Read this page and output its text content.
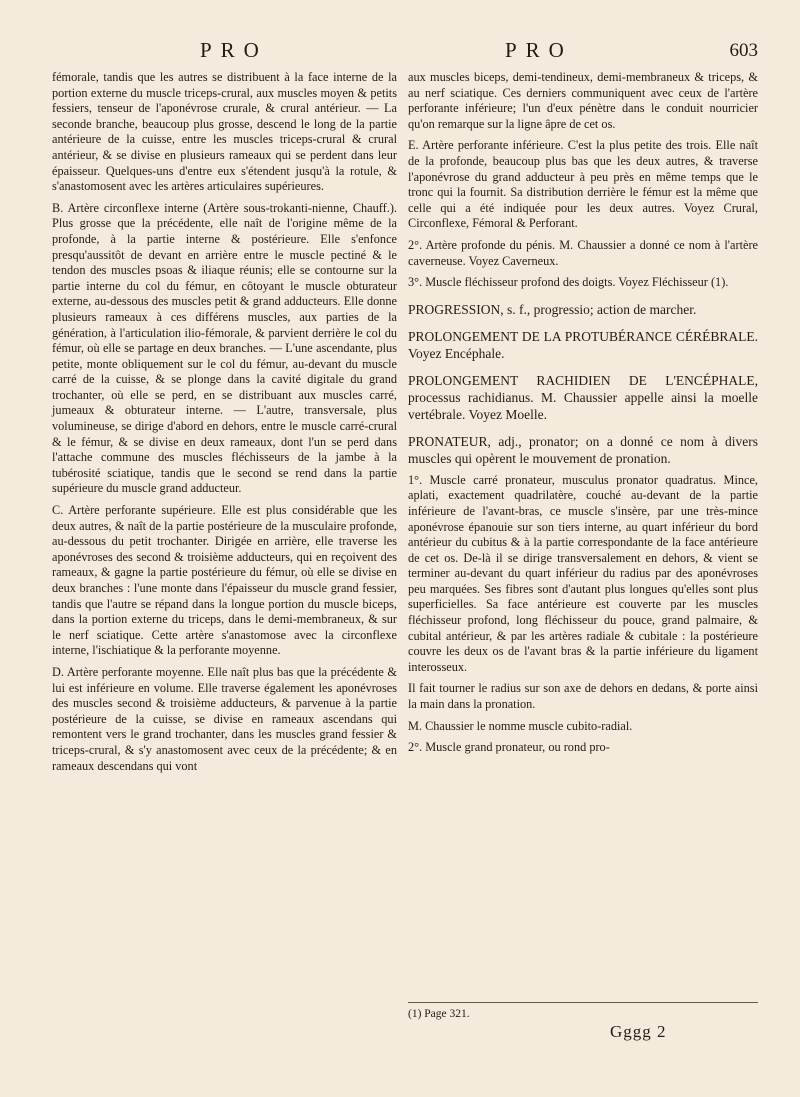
PRO	PRO	603

fémorale, tandis que les autres se distribuent à la face interne de la portion externe du muscle triceps-crural, aux muscles moyen & petits fessiers, tenseur de l'aponévrose crurale, & crural antérieur. — La seconde branche, beaucoup plus grosse, descend le long de la partie antérieure de la cuisse, entre les muscles triceps-crural & crural antérieur, & se divise en plusieurs rameaux qui se perdent dans leur épaisseur. Quelques-uns d'entre eux s'étendent jusqu'à la rotule, & s'anastomosent avec les artères articulaires supérieures.

B. Artère circonflexe interne (Artère sous-trokanti-nienne, Chauff.). Plus grosse que la précédente, elle naît de l'origine même de la profonde, à la partie interne & postérieure. Elle s'enfonce presqu'aussitôt de devant en arrière entre le muscle pectiné & le tendon des muscles psoas & iliaque réunis; elle se contourne sur la partie interne du col du fémur, en côtoyant le muscle obturateur externe, au-dessous des muscles petit & grand adducteurs. Elle donne plusieurs rameaux à ces différens muscles, aux parties de la génération, à l'articulation ilio-fémorale, & parvient derrière le col du fémur, où elle se partage en deux branches. — L'une ascendante, plus petite, monte obliquement sur le col du fémur, au-devant du muscle carré de la cuisse, & se plonge dans la cavité digitale du grand trochanter, où elle se perd, en se distribuant aux muscles carré, jumeaux & obturateur interne. — L'autre, transversale, plus volumineuse, se dirige d'abord en dehors, entre le muscle carré-crural & le fémur, & se divise en deux rameaux, dont l'un se perd dans l'attache commune des muscles fléchisseurs de la jambe à la tubérosité sciatique, tandis que le second se rend dans la partie supérieure du muscle grand adducteur.

C. Artère perforante supérieure. Elle est plus considérable que les deux autres, & naît de la partie postérieure de la musculaire profonde, au-dessous du petit trochanter. Dirigée en arrière, elle traverse les aponévroses des second & troisième adducteurs, qui en reçoivent des rameaux, & gagne la partie postérieure du fémur, où elle se divise en deux branches : l'une monte dans l'épaisseur du muscle grand fessier, tandis que l'autre se répand dans la longue portion du muscle biceps, dans la portion externe du triceps, dans le demi-membraneux, & sur le nerf sciatique. Cette artère s'anastomose avec la circonflexe interne, l'ischiatique & la perforante moyenne.

D. Artère perforante moyenne. Elle naît plus bas que la précédente & lui est inférieure en volume. Elle traverse également les aponévroses des muscles second & troisième adducteurs, & parvenue à la partie postérieure de la cuisse, se divise en rameaux ascendans qui remontent vers le grand trochanter, dans les muscles grand fessier & triceps-crural, & s'y anastomosent avec ceux de la précédente; & en rameaux descendans qui vont

aux muscles biceps, demi-tendineux, demi-membraneux & triceps, & au nerf sciatique. Ces derniers communiquent avec ceux de l'artère perforante inférieure; l'un d'eux pénètre dans le conduit nourricier qu'on remarque sur la ligne âpre de cet os.

E. Artère perforante inférieure. C'est la plus petite des trois. Elle naît de la profonde, beaucoup plus bas que les deux autres, & traverse l'aponévrose du grand adducteur à peu près en même temps que le tronc qui la fournit. Sa distribution derrière le fémur est la même que celle qui a été indiquée pour les deux autres. Voyez Crural, Circonflexe, Fémoral & Perforant.

2°. Artère profonde du pénis. M. Chaussier a donné ce nom à l'artère caverneuse. Voyez Caverneux.

3°. Muscle fléchisseur profond des doigts. Voyez Fléchisseur (1).

PROGRESSION, s. f., progressio; action de marcher.

PROLONGEMENT DE LA PROTUBÉRANCE CÉRÉBRALE. Voyez Encéphale.

PROLONGEMENT RACHIDIEN DE L'ENCÉPHALE, processus rachidianus. M. Chaussier appelle ainsi la moelle vertébrale. Voyez Moelle.

PRONATEUR, adj., pronator; on a donné ce nom à divers muscles qui opèrent le mouvement de pronation.

1°. Muscle carré pronateur, musculus pronator quadratus. Mince, aplati, exactement quadrilatère, couché au-devant de la partie inférieure de l'avant-bras, ce muscle s'insère, par une très-mince aponévrose épanouie sur son tiers interne, au quart inférieur du bord antérieur du cubitus & à la partie correspondante de la face antérieure de cet os. De-là il se dirige transversalement en dehors, & vient se terminer au-devant du quart inférieur du radius par des aponévroses peu marquées. Ses fibres sont d'autant plus longues qu'elles sont plus superficielles. Sa face antérieure est couverte par les muscles fléchisseur profond, long fléchisseur du pouce, grand palmaire, & cubital antérieur, & par les artères radiale & cubitale : la postérieure couvre les deux os de l'avant bras & la partie inférieure du ligament interosseux.

Il fait tourner le radius sur son axe de dehors en dedans, & porte ainsi la main dans la pronation.

M. Chaussier le nomme muscle cubito-radial.

2°. Muscle grand pronateur, ou rond pro-

(1) Page 321.
Gggg 2
